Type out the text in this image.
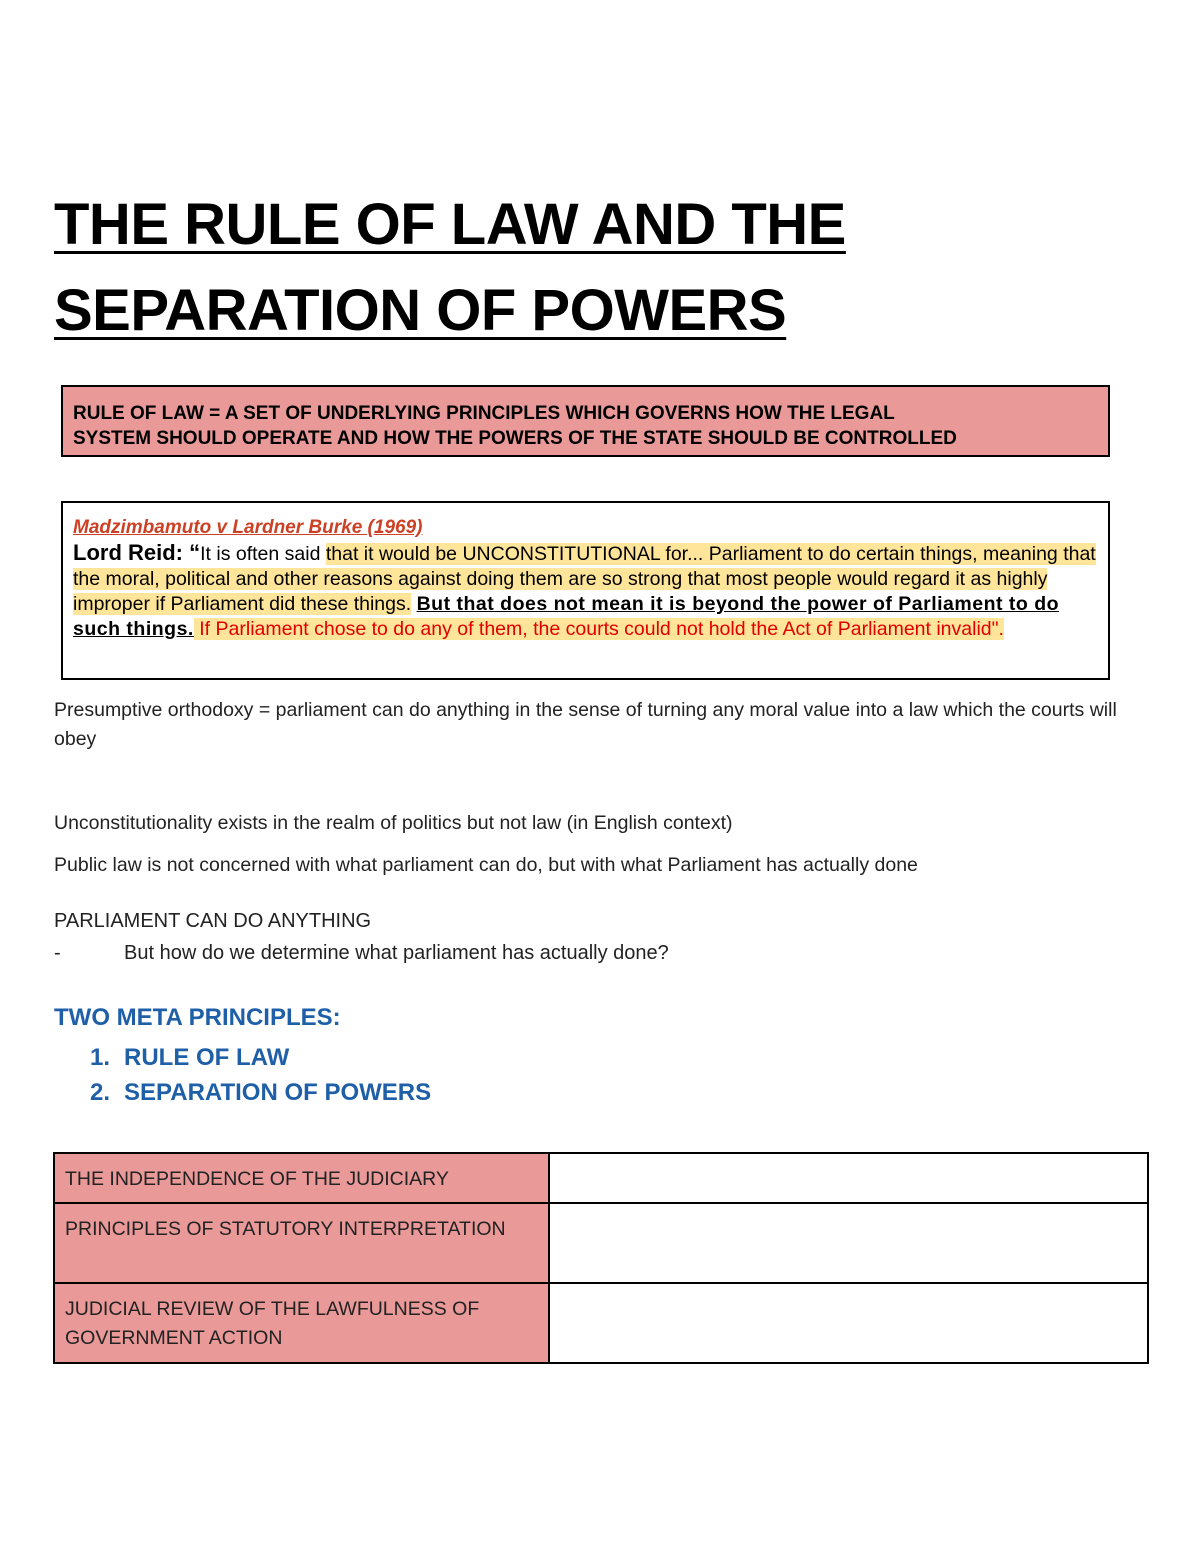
THE RULE OF LAW AND THE
SEPARATION OF POWERS
RULE OF LAW = A SET OF UNDERLYING PRINCIPLES WHICH GOVERNS HOW THE LEGAL
SYSTEM SHOULD OPERATE AND HOW THE POWERS OF THE STATE SHOULD BE CONTROLLED
Madzimbamuto v Lardner Burke (1969)
Lord Reid: “It is often said that it would be UNCONSTITUTIONAL for... Parliament to do certain things, meaning that the moral, political and other reasons against doing them are so strong that most people would regard it as highly improper if Parliament did these things. But that does not mean it is beyond the power of Parliament to do such things. If Parliament chose to do any of them, the courts could not hold the Act of Parliament invalid".

Presumptive orthodoxy = parliament can do anything in the sense of turning any moral value into a law which the courts will obey

Unconstitutionality exists in the realm of politics but not law (in English context)

Public law is not concerned with what parliament can do, but with what Parliament has actually done

PARLIAMENT CAN DO ANYTHING

-	But how do we determine what parliament has actually done?
TWO META PRINCIPLES:
1. RULE OF LAW
2. SEPARATION OF POWERS
THE INDEPENDENCE OF THE JUDICIARY	
PRINCIPLES OF STATUTORY INTERPRETATION	
JUDICIAL REVIEW OF THE LAWFULNESS OF GOVERNMENT ACTION	
